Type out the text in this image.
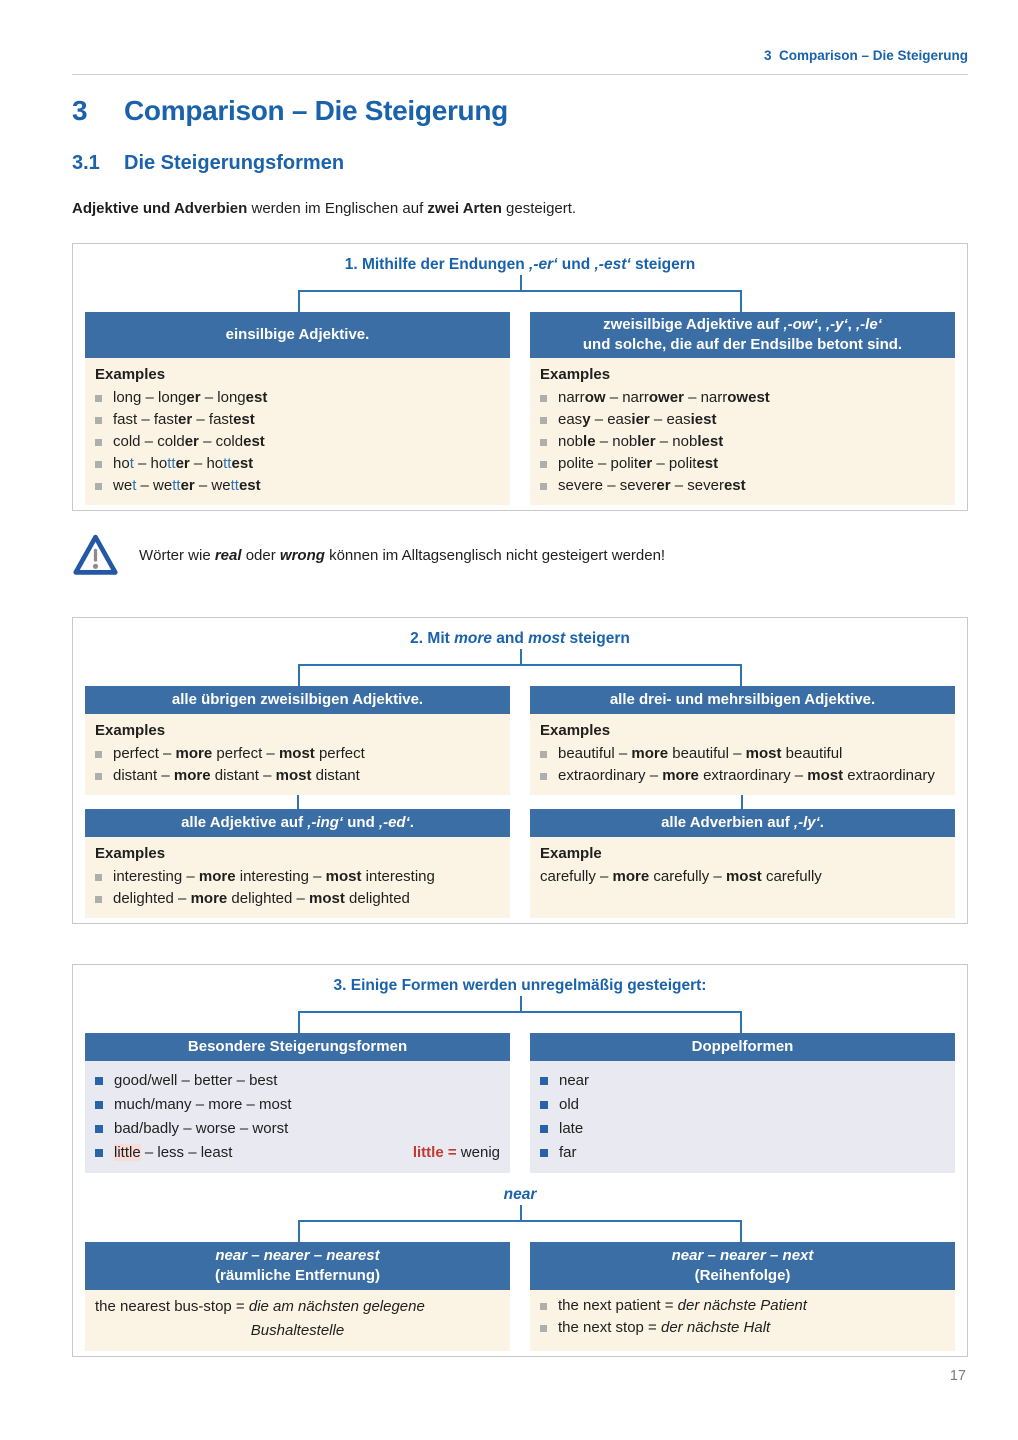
3  Comparison – Die Steigerung
3	Comparison – Die Steigerung
3.1	Die Steigerungsformen

Adjektive und Adverbien werden im Englischen auf zwei Arten gesteigert.

1. Mithilfe der Endungen ‚-er‘ und ‚-est‘ steigern
einsilbige Adjektive.
Examples
long – longer – longest
fast – faster – fastest
cold – colder – coldest
hot – hotter – hottest
wet – wetter – wettest
zweisilbige Adjektive auf ‚-ow‘, ‚-y‘, ‚-le‘
und solche, die auf der Endsilbe betont sind.
Examples
narrow – narrower – narrowest
easy – easier – easiest
noble – nobler – noblest
polite – politer – politest
severe – severer – severest
Wörter wie real oder wrong können im Alltagsenglisch nicht gesteigert werden!
2. Mit more and most steigern
alle übrigen zweisilbigen Adjektive.
Examples
perfect – more perfect – most perfect
distant – more distant – most distant
alle drei- und mehrsilbigen Adjektive.
Examples
beautiful – more beautiful – most beautiful
extraordinary – more extraordinary – most extraordinary
alle Adjektive auf ‚-ing‘ und ‚-ed‘.
Examples
interesting – more interesting – most interesting
delighted – more delighted – most delighted
alle Adverbien auf ‚-ly‘.
Example
carefully – more carefully – most carefully
3. Einige Formen werden unregelmäßig gesteigert:
Besondere Steigerungsformen
good/well – better – best
much/many – more – most
bad/badly – worse – worst
little – less – least	little = wenig
Doppelformen
near
old
late
far
near
near – nearer – nearest
(räumliche Entfernung)
the nearest bus-stop = die am nächsten gelegene
Bushaltestelle
near – nearer – next
(Reihenfolge)
the next patient = der nächste Patient
the next stop = der nächste Halt
17
